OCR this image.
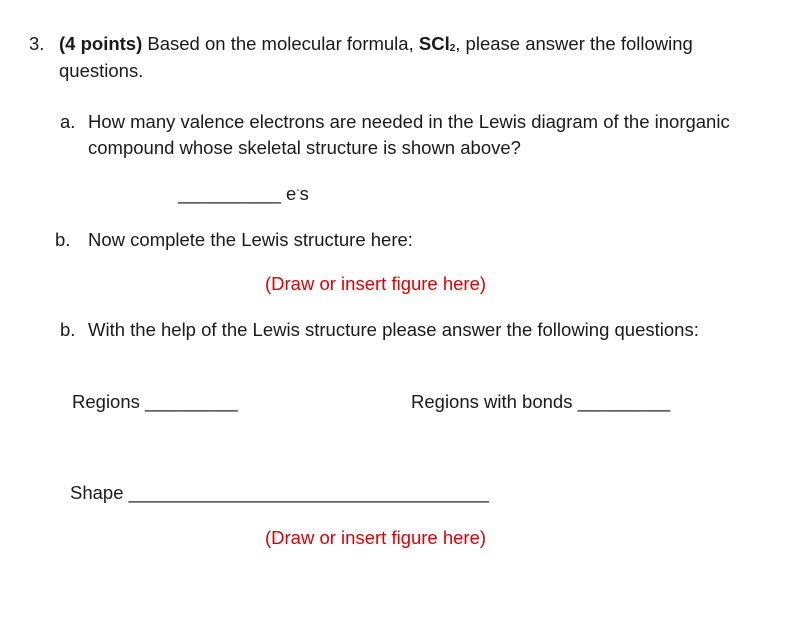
3. (4 points) Based on the molecular formula, SCl$_2$, please answer the following
questions.
a. How many valence electrons are needed in the Lewis diagram of the inorganic
compound whose skeletal structure is shown above?
__________ e-s
b. Now complete the Lewis structure here:
(Draw or insert figure here)
b. With the help of the Lewis structure please answer the following questions:
Regions _________	Regions with bonds _________
Shape ___________________________________
(Draw or insert figure here)
